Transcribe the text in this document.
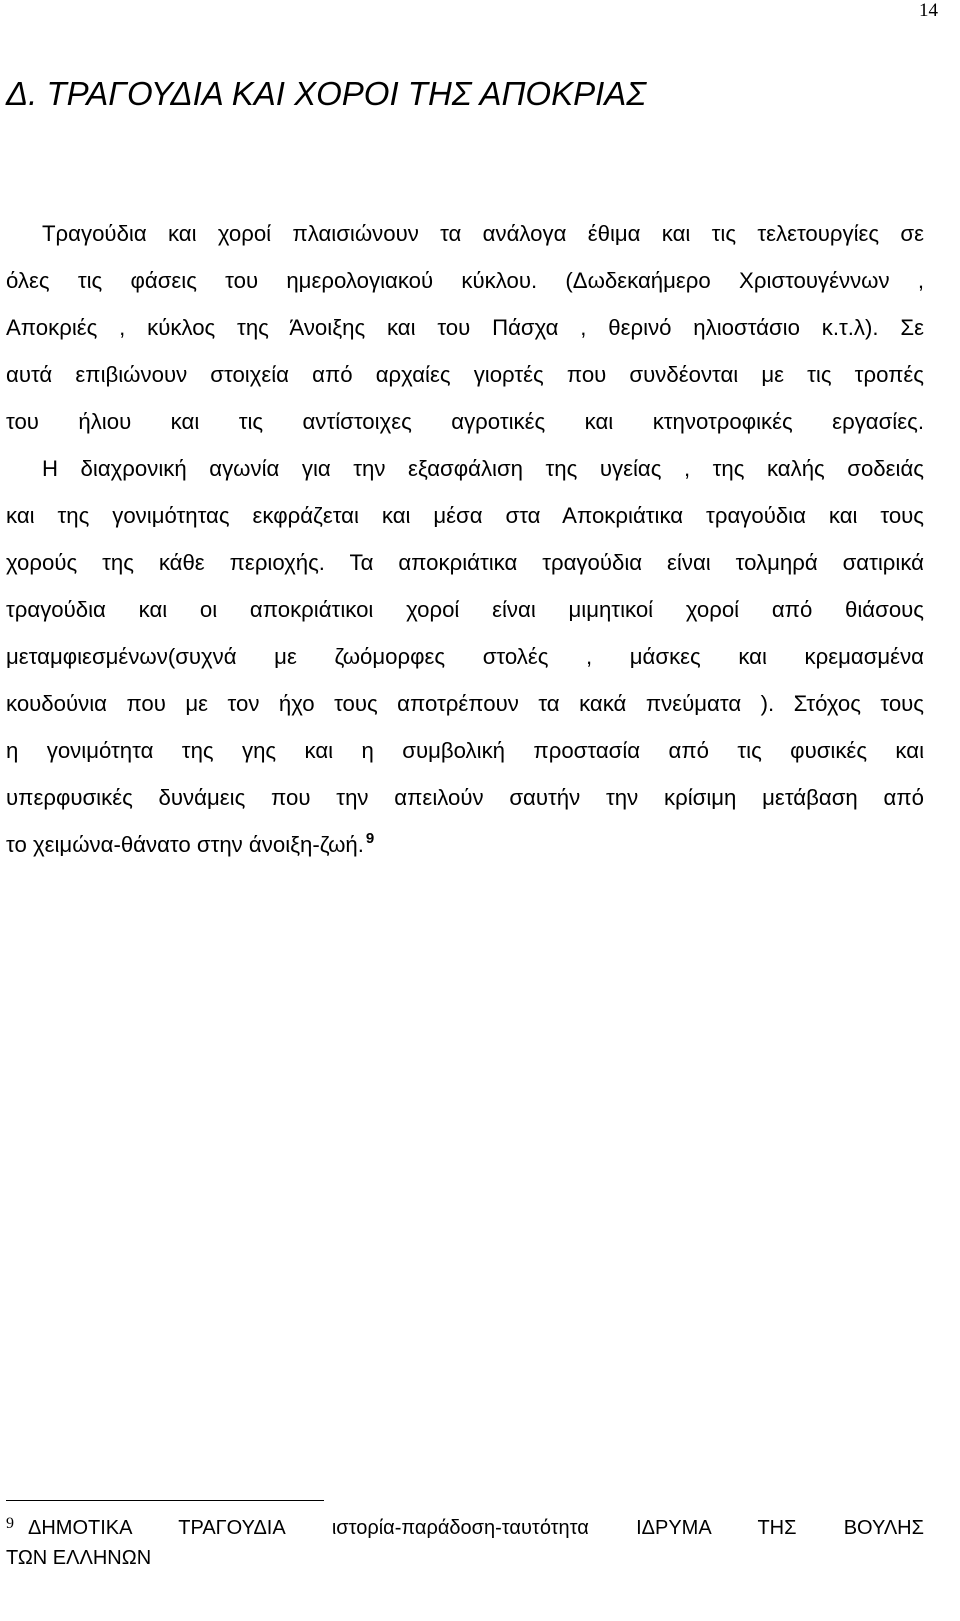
14
Δ. ΤΡΑΓΟΥΔΙΑ ΚΑΙ ΧΟΡΟΙ ΤΗΣ ΑΠΟΚΡΙΑΣ
Τραγούδια και χοροί πλαισιώνουν τα ανάλογα έθιμα και τις τελετουργίες σε
όλες τις φάσεις του ημερολογιακού κύκλου. (Δωδεκαήμερο Χριστουγέννων ,
Αποκριές , κύκλος της Άνοιξης και του Πάσχα , θερινό ηλιοστάσιο κ.τ.λ). Σε
αυτά επιβιώνουν στοιχεία από αρχαίες γιορτές που συνδέονται με τις τροπές
του ήλιου και τις αντίστοιχες αγροτικές και κτηνοτροφικές εργασίες.
Η διαχρονική αγωνία για την εξασφάλιση της υγείας , της καλής σοδειάς
και της γονιμότητας εκφράζεται και μέσα στα Αποκριάτικα τραγούδια και τους
χορούς της κάθε περιοχής. Τα αποκριάτικα τραγούδια είναι τολμηρά σατιρικά
τραγούδια και οι αποκριάτικοι χοροί είναι μιμητικοί χοροί από θιάσους
μεταμφιεσμένων(συχνά με ζωόμορφες στολές , μάσκες και κρεμασμένα
κουδούνια που με τον ήχο τους αποτρέπουν τα κακά πνεύματα ). Στόχος τους
η γονιμότητα της γης και η συμβολική προστασία από τις φυσικές και
υπερφυσικές δυνάμεις που την απειλούν σαυτήν την κρίσιμη μετάβαση από
το χειμώνα-θάνατο στην άνοιξη-ζωή. $^9$
$^9$ ΔΗΜΟΤΙΚΑ ΤΡΑΓΟΥΔΙΑ ιστορία-παράδοση-ταυτότητα ΙΔΡΥΜΑ ΤΗΣ ΒΟΥΛΗΣ
ΤΩΝ ΕΛΛΗΝΩΝ
